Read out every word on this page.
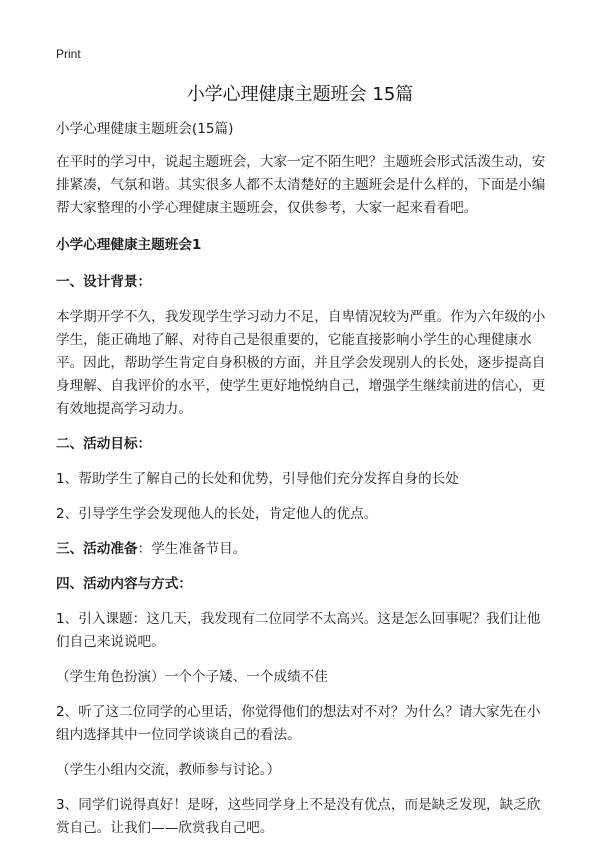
Print
小学心理健康主题班会 15篇

小学心理健康主题班会(15篇)

在平时的学习中，说起主题班会，大家一定不陌生吧？主题班会形式活泼生动，安排紧凑，气氛和谐。其实很多人都不太清楚好的主题班会是什么样的，下面是小编帮大家整理的小学心理健康主题班会，仅供参考，大家一起来看看吧。

小学心理健康主题班会1

一、设计背景：

本学期开学不久，我发现学生学习动力不足，自卑情况较为严重。作为六年级的小学生，能正确地了解、对待自己是很重要的，它能直接影响小学生的心理健康水平。因此，帮助学生肯定自身积极的方面，并且学会发现别人的长处，逐步提高自身理解、自我评价的水平，使学生更好地悦纳自己，增强学生继续前进的信心，更有效地提高学习动力。

二、活动目标：

1、帮助学生了解自己的长处和优势，引导他们充分发挥自身的长处

2、引导学生学会发现他人的长处，肯定他人的优点。

三、活动准备：学生准备节目。

四、活动内容与方式：

1、引入课题：这几天，我发现有二位同学不太高兴。这是怎么回事呢？我们让他们自己来说说吧。

（学生角色扮演）一个个子矮、一个成绩不佳

2、听了这二位同学的心里话，你觉得他们的想法对不对？为什么？请大家先在小组内选择其中一位同学谈谈自己的看法。

（学生小组内交流，教师参与讨论。）

3、同学们说得真好！是呀，这些同学身上不是没有优点，而是缺乏发现，缺乏欣赏自己。让我们——欣赏我自己吧。
